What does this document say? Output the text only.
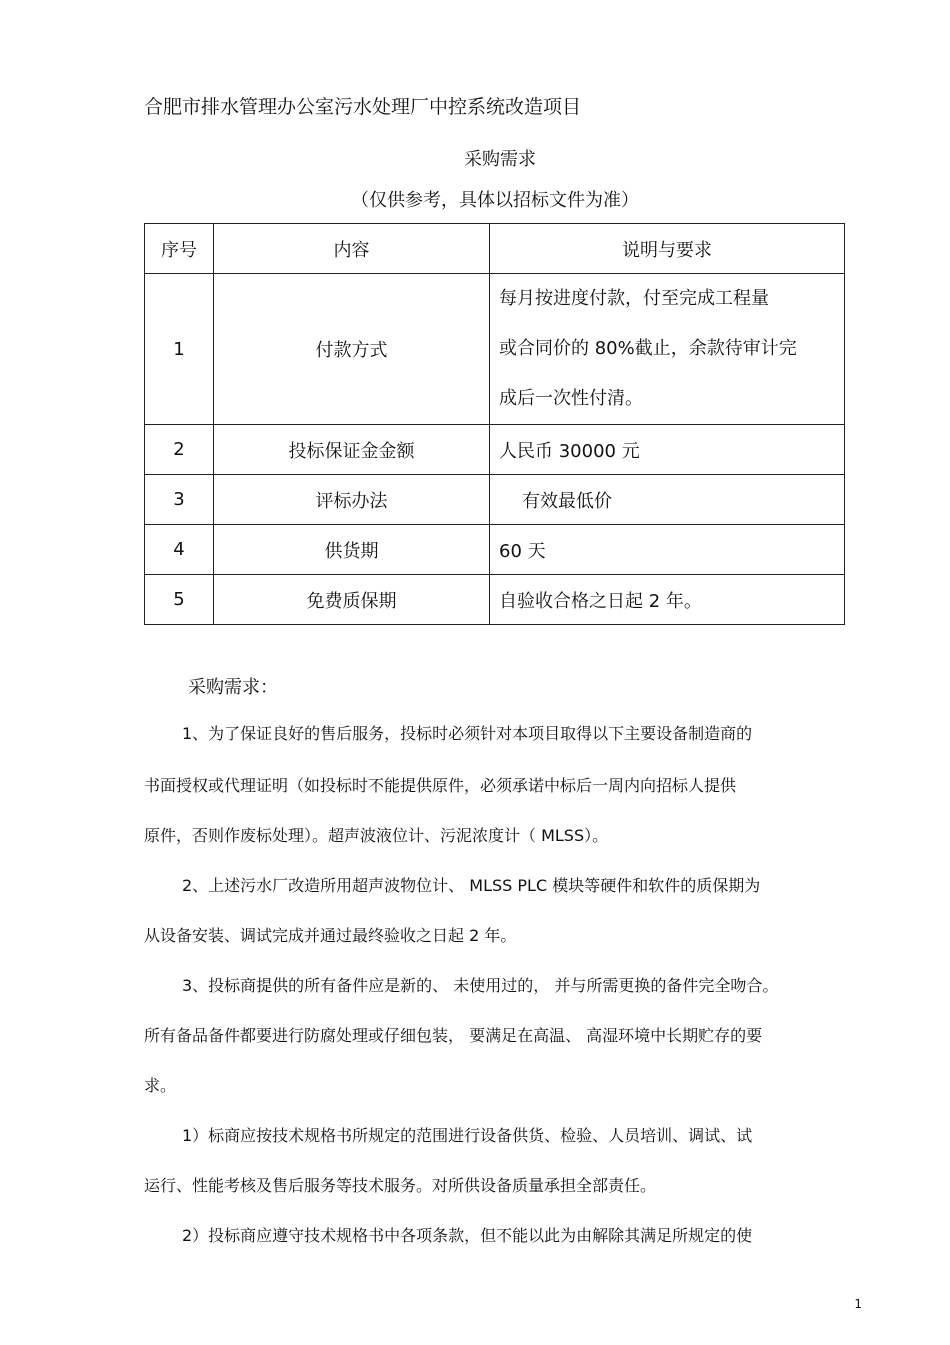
合肥市排水管理办公室污水处理厂中控系统改造项目
采购需求
（仅供参考，具体以招标文件为准）
序号	内容	说明与要求
1	付款方式	每月按进度付款，付至完成工程量
或合同价的 80%截止，余款待审计完
成后一次性付清。

2	投标保证金金额	人民币 30000 元
3	评标办法	有效最低价
4	供货期	60 天
5	免费质保期	自验收合格之日起 2 年。
采购需求：
1、为了保证良好的售后服务，投标时必须针对本项目取得以下主要设备制造商的
书面授权或代理证明（如投标时不能提供原件，必须承诺中标后一周内向招标人提供
原件，否则作废标处理）。超声波液位计、污泥浓度计（ MLSS）。
2、上述污水厂改造所用超声波物位计、 MLSS PLC 模块等硬件和软件的质保期为
从设备安装、调试完成并通过最终验收之日起 2 年。
3、投标商提供的所有备件应是新的、 未使用过的， 并与所需更换的备件完全吻合。
所有备品备件都要进行防腐处理或仔细包装， 要满足在高温、 高湿环境中长期贮存的要
求。
1）标商应按技术规格书所规定的范围进行设备供货、检验、人员培训、调试、试
运行、性能考核及售后服务等技术服务。对所供设备质量承担全部责任。
2）投标商应遵守技术规格书中各项条款，但不能以此为由解除其满足所规定的使
1
